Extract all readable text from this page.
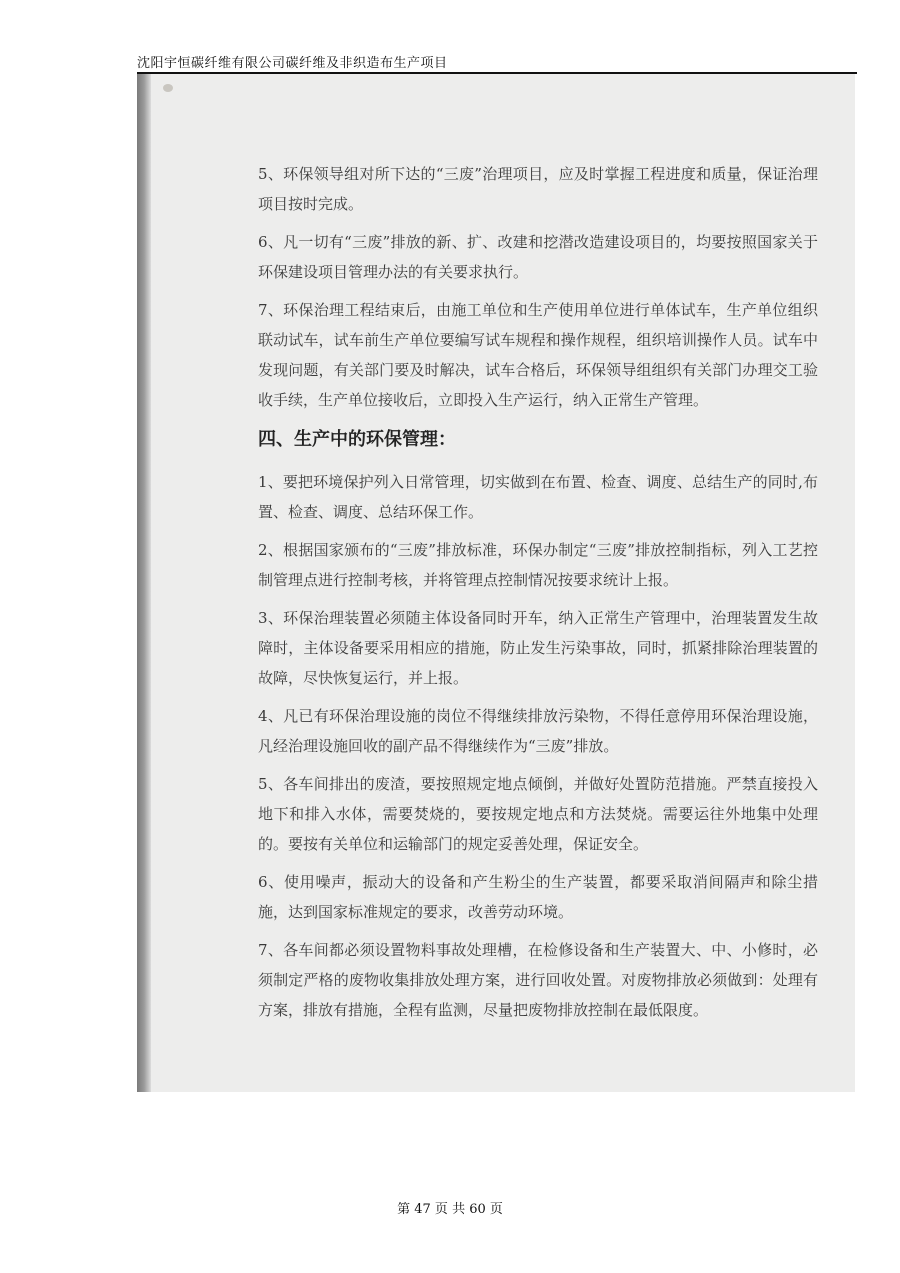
沈阳宇恒碳纤维有限公司碳纤维及非织造布生产项目

5、环保领导组对所下达的“三废”治理项目，应及时掌握工程进度和质量，保证治理项目按时完成。

6、凡一切有“三废”排放的新、扩、改建和挖潜改造建设项目的，均要按照国家关于环保建设项目管理办法的有关要求执行。

7、环保治理工程结束后，由施工单位和生产使用单位进行单体试车，生产单位组织联动试车，试车前生产单位要编写试车规程和操作规程，组织培训操作人员。试车中发现问题，有关部门要及时解决，试车合格后，环保领导组组织有关部门办理交工验收手续，生产单位接收后，立即投入生产运行，纳入正常生产管理。

四、生产中的环保管理：

1、要把环境保护列入日常管理，切实做到在布置、检查、调度、总结生产的同时,布置、检查、调度、总结环保工作。

2、根据国家颁布的“三废”排放标准，环保办制定“三废”排放控制指标，列入工艺控制管理点进行控制考核，并将管理点控制情况按要求统计上报。

3、环保治理装置必须随主体设备同时开车，纳入正常生产管理中，治理装置发生故障时，主体设备要采用相应的措施，防止发生污染事故，同时，抓紧排除治理装置的故障，尽快恢复运行，并上报。

4、凡已有环保治理设施的岗位不得继续排放污染物，不得任意停用环保治理设施，凡经治理设施回收的副产品不得继续作为“三废”排放。

5、各车间排出的废渣，要按照规定地点倾倒，并做好处置防范措施。严禁直接投入地下和排入水体，需要焚烧的，要按规定地点和方法焚烧。需要运往外地集中处理的。要按有关单位和运输部门的规定妥善处理，保证安全。

6、使用噪声，振动大的设备和产生粉尘的生产装置，都要采取消间隔声和除尘措施，达到国家标准规定的要求，改善劳动环境。

7、各车间都必须设置物料事故处理槽，在检修设备和生产装置大、中、小修时，必须制定严格的废物收集排放处理方案，进行回收处置。对废物排放必须做到：处理有方案，排放有措施，全程有监测，尽量把废物排放控制在最低限度。

第 47 页 共 60 页
